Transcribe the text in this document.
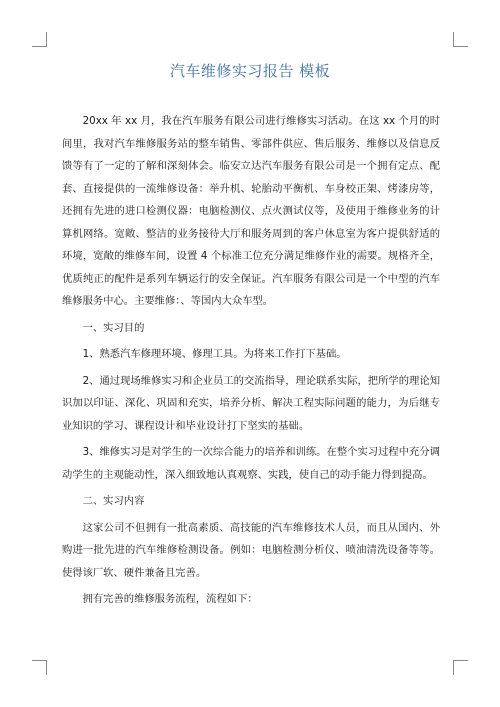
汽车维修实习报告 模板

20xx 年 xx 月，我在汽车服务有限公司进行维修实习活动。在这 xx 个月的时间里，我对汽车维修服务站的整车销售、零部件供应、售后服务、维修以及信息反馈等有了一定的了解和深刻体会。临安立达汽车服务有限公司是一个拥有定点、配套、直接提供的一流维修设备：举升机、轮胎动平衡机、车身校正架、烤漆房等，还拥有先进的进口检测仪器：电脑检测仪、点火测试仪等，及使用于维修业务的计算机网络。宽敞、整洁的业务接待大厅和服务周到的客户休息室为客户提供舒适的环境，宽敞的维修车间，设置 4 个标准工位充分满足维修作业的需要。规格齐全，优质纯正的配件是系列车辆运行的安全保证。汽车服务有限公司是一个中型的汽车维修服务中心。主要维修：、等国内大众车型。

一、实习目的

1、熟悉汽车修理环境、修理工具。为将来工作打下基础。

2、通过现场维修实习和企业员工的交流指导，理论联系实际，把所学的理论知识加以印证、深化、巩固和充实，培养分析、解决工程实际问题的能力，为后继专业知识的学习、课程设计和毕业设计打下坚实的基础。

3、维修实习是对学生的一次综合能力的培养和训练。在整个实习过程中充分调动学生的主观能动性，深入细致地认真观察、实践，使自己的动手能力得到提高。

二、实习内容

这家公司不但拥有一批高素质、高技能的汽车维修技术人员，而且从国内、外购进一批先进的汽车维修检测设备。例如：电脑检测分析仪、喷油清洗设备等等。使得该厂软、硬件兼备且完善。

拥有完善的维修服务流程，流程如下：
